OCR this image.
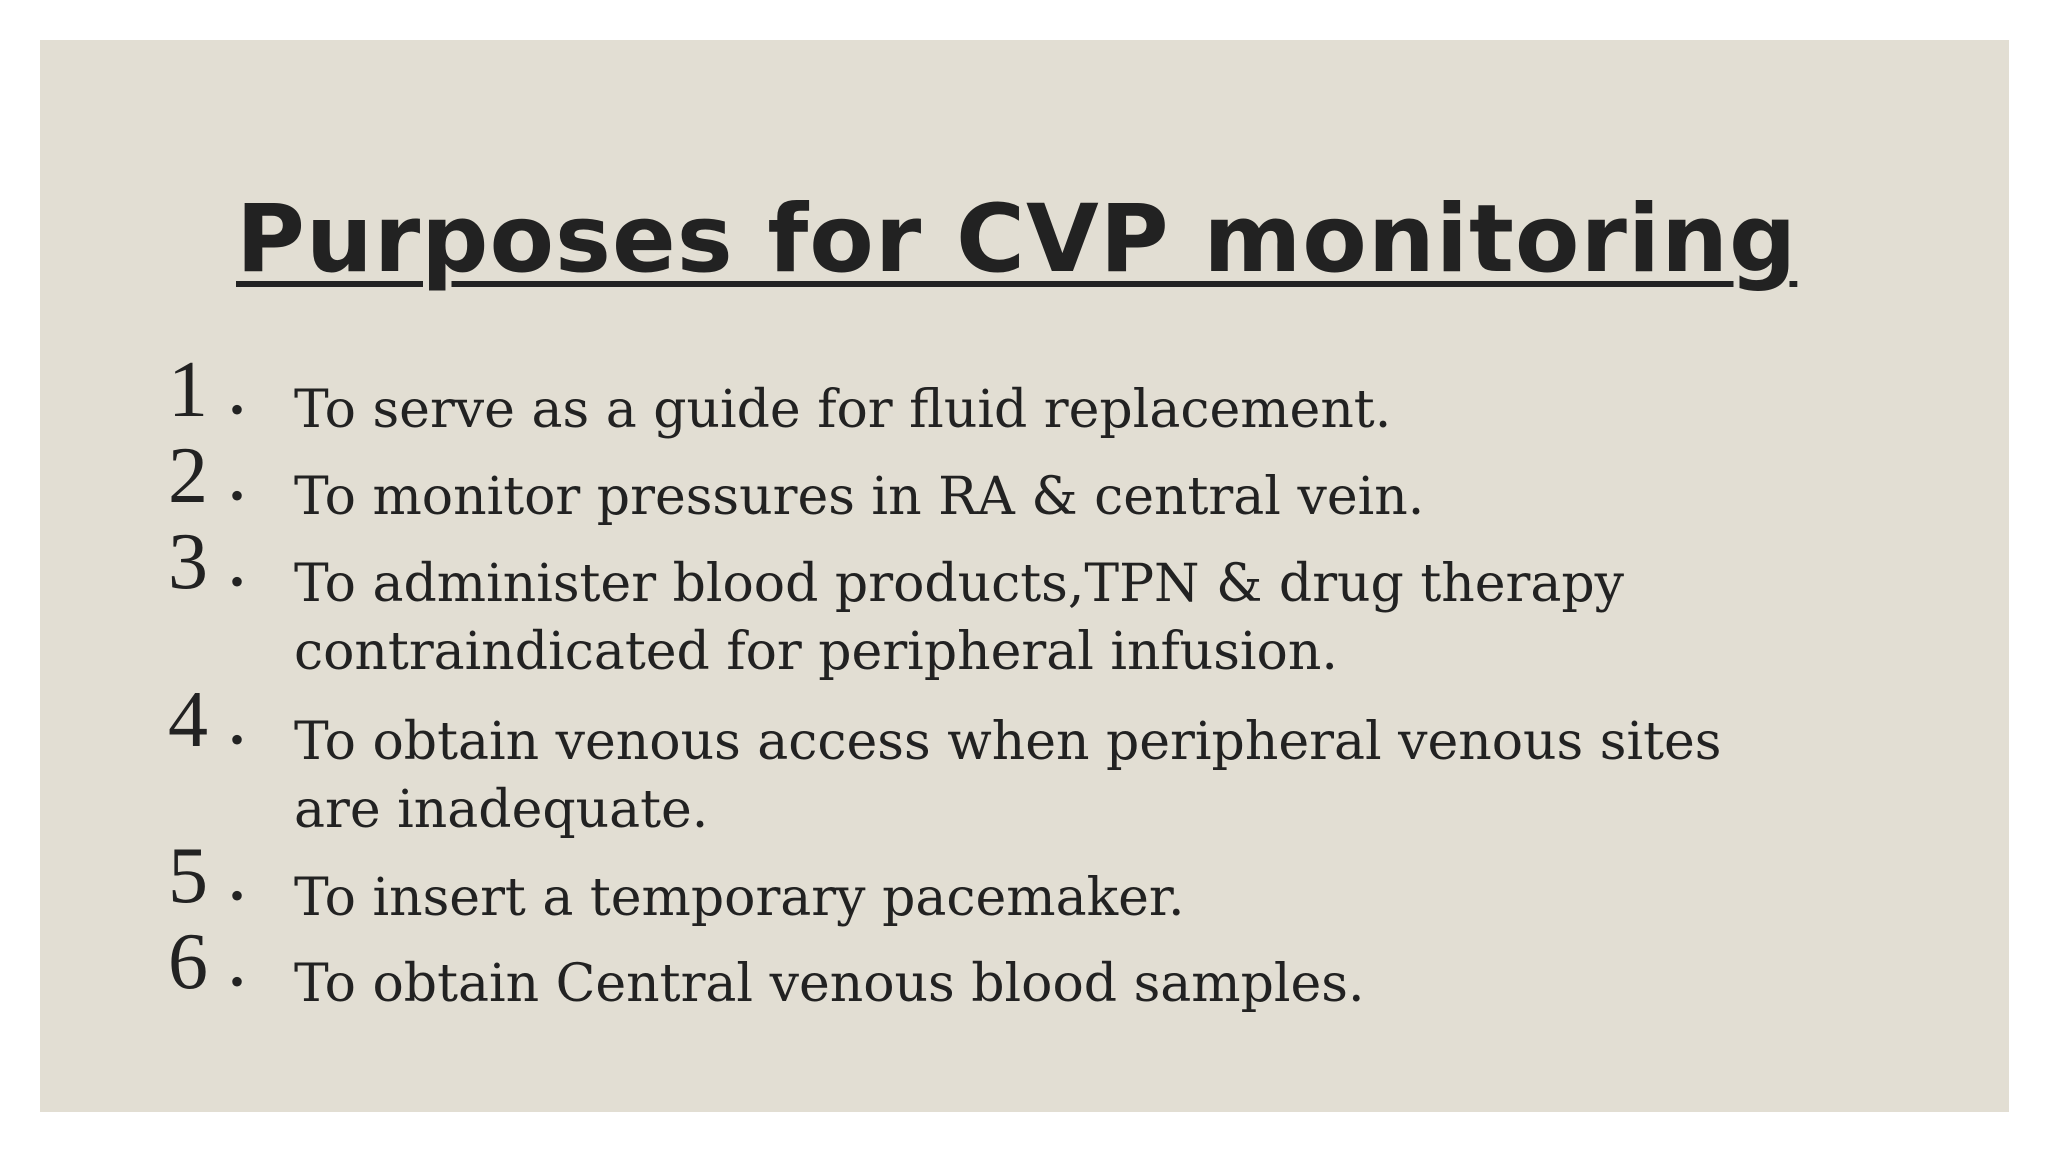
Purposes for CVP monitoring
1 • To serve as a guide for fluid replacement.
2 • To monitor pressures in RA & central vein.
3 • To administer blood products,TPN & drug therapy
contraindicated for peripheral infusion.
4 • To obtain venous access when peripheral venous sites
are inadequate.
5 • To insert a temporary pacemaker.
6 • To obtain Central venous blood samples.
